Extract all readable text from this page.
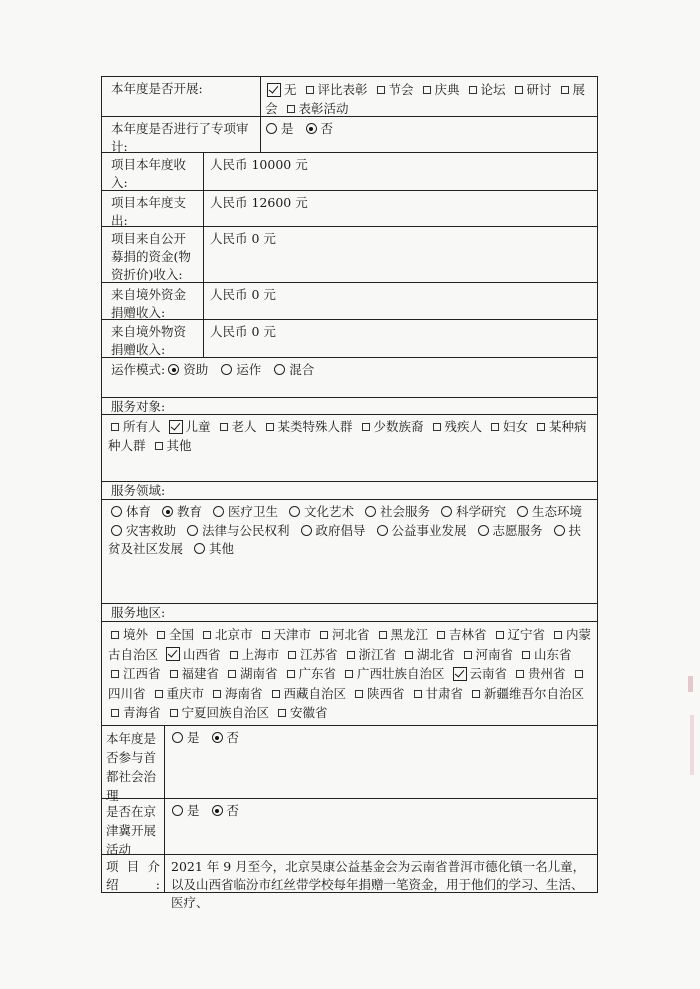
本年度是否开展:	无 评比表彰 节会 庆典 论坛 研讨 展会 表彰活动
本年度是否进行了专项审计:
是 否
项目本年度收入:
人民币 10000 元
项目本年度支出:
人民币 12600 元
项目来自公开募捐的资金(物资折价)收入:
人民币 0 元
来自境外资金捐赠收入:
人民币 0 元
来自境外物资捐赠收入:
人民币 0 元
运作模式: 资助 运作 混合
服务对象:
所有人 儿童 老人 某类特殊人群 少数族裔 残疾人 妇女 某种病种人群 其他
服务领域:
体育 教育 医疗卫生 文化艺术 社会服务 科学研究 生态环境 灾害救助 法律与公民权利 政府倡导 公益事业发展 志愿服务 扶贫及社区发展 其他
服务地区:
境外 全国 北京市 天津市 河北省 黑龙江 吉林省 辽宁省 内蒙古自治区 山西省 上海市 江苏省 浙江省 湖北省 河南省 山东省 江西省 福建省 湖南省 广东省 广西壮族自治区 云南省 贵州省 四川省 重庆市 海南省 西藏自治区 陕西省 甘肃省 新疆维吾尔自治区 青海省 宁夏回族自治区 安徽省
本年度是否参与首都社会治理
是 否
是否在京津冀开展活动
是 否
项目介绍:
2021 年 9 月至今，北京昊康公益基金会为云南省普洱市德化镇一名儿童，以及山西省临汾市红丝带学校每年捐赠一笔资金，用于他们的学习、生活、医疗、
